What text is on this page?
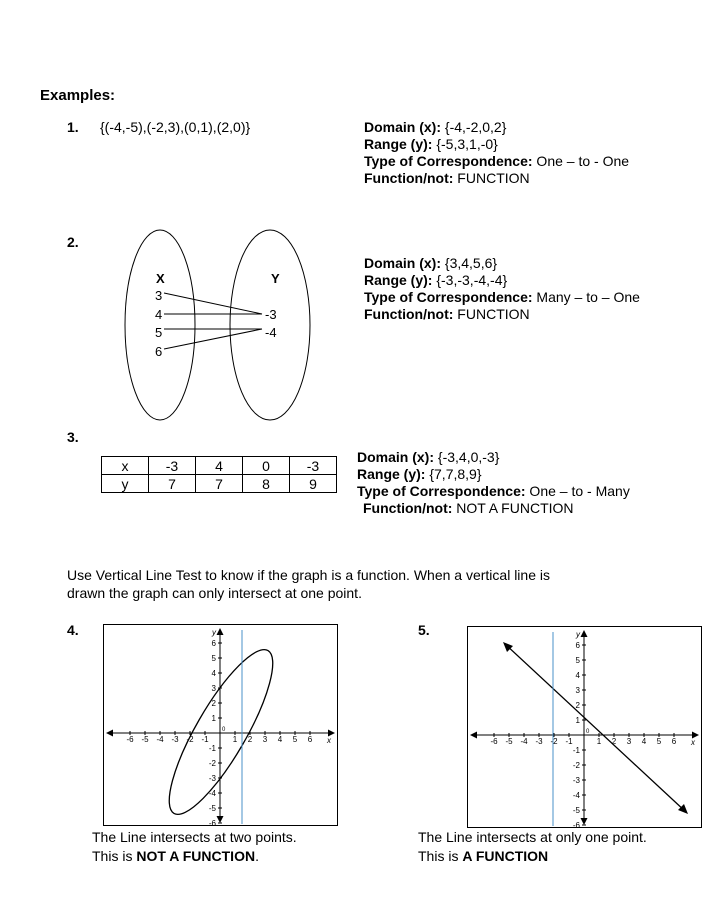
Examples:
1. {(-4,-5),(-2,3),(0,1),(2,0)}	Domain (x): {-4,-2,0,2}
Range (y): {-5,3,1,-0}
Type of Correspondence: One – to - One
Function/not: FUNCTION
2.
X	Y
3
4
5
6
-3
-4
Domain (x): {3,4,5,6}
Range (y): {-3,-3,-4,-4}
Type of Correspondence: Many – to – One
Function/not: FUNCTION
3.
x	-3	4	0	-3
y	7	7	8	9
Domain (x): {-3,4,0,-3}
Range (y): {7,7,8,9}
Type of Correspondence: One – to - Many
Function/not: NOT A FUNCTION
Use Vertical Line Test to know if the graph is a function. When a vertical line is
drawn the graph can only intersect at one point.
4.
-6 -5 -4 -3 -2 -1	1 2 3 4 5 6
6
-1
5
-2
4
-3
3
-4
2
-5
1
-6
y
x
0
The Line intersects at two points.
This is NOT A FUNCTION.
5.
-6 -5 -4 -3 -2 -1	1 2 3 4 5 6
6
-1
5
-2
4
-3
3
-4
2
-5
1
-6
y
x
0
The Line intersects at only one point.
This is A FUNCTION
